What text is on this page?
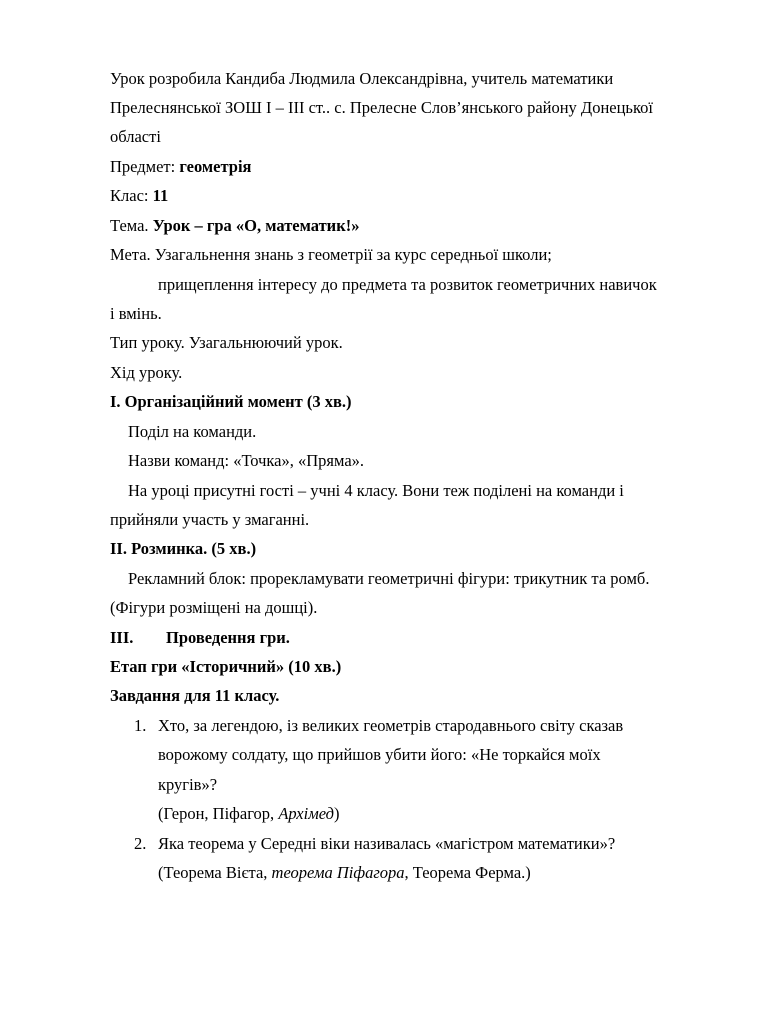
Урок розробила Кандиба Людмила Олександрівна, учитель математики
Прелеснянської ЗОШ І – ІІІ ст.. с. Прелесне Слов’янського району Донецької
області
Предмет: геометрія
Клас: 11
Тема. Урок – гра «О, математик!»
Мета. Узагальнення знань з геометрії за курс середньої школи;
прищеплення інтересу до предмета та розвиток геометричних навичок
і вмінь.
Тип уроку. Узагальнюючий урок.
Хід уроку.
І. Організаційний момент (3 хв.)
Поділ на команди.
Назви команд: «Точка», «Пряма».
На уроці присутні гості – учні 4 класу. Вони теж поділені на команди і
прийняли участь у змаганні.
ІІ. Розминка. (5 хв.)
Рекламний блок: прорекламувати геометричні фігури: трикутник та ромб.
(Фігури розміщені на дошці).
ІІІ. Проведення гри.
Етап гри «Історичний» (10 хв.)
Завдання для 11 класу.
1. Хто, за легендою, із великих геометрів стародавнього світу сказав
ворожому солдату, що прийшов убити його: «Не торкайся моїх
кругів»?
(Герон, Піфагор, Архімед)
2. Яка теорема у Середні віки називалась «магістром математики»?
(Теорема Вієта, теорема Піфагора, Теорема Ферма.)
